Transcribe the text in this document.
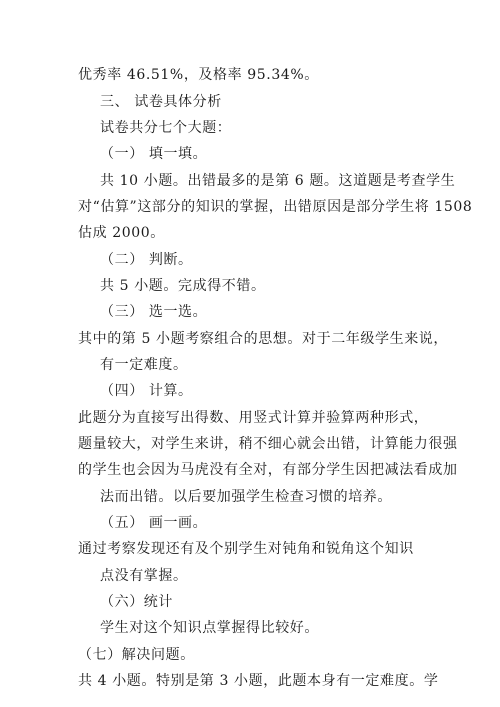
优秀率 46.51%，及格率 95.34%。
三、 试卷具体分析
试卷共分七个大题：
（一） 填一填。
共 10 小题。出错最多的是第 6 题。这道题是考查学生
对“估算”这部分的知识的掌握，出错原因是部分学生将 1508
估成 2000。
（二） 判断。
共 5 小题。完成得不错。
（三） 选一选。
其中的第 5 小题考察组合的思想。对于二年级学生来说，
有一定难度。
（四） 计算。
此题分为直接写出得数、用竖式计算并验算两种形式，
题量较大，对学生来讲，稍不细心就会出错，计算能力很强
的学生也会因为马虎没有全对，有部分学生因把减法看成加
法而出错。以后要加强学生检查习惯的培养。
（五） 画一画。
通过考察发现还有及个别学生对钝角和锐角这个知识
点没有掌握。
（六）统计
学生对这个知识点掌握得比较好。
（七）解决问题。
共 4 小题。特别是第 3 小题，此题本身有一定难度。学
